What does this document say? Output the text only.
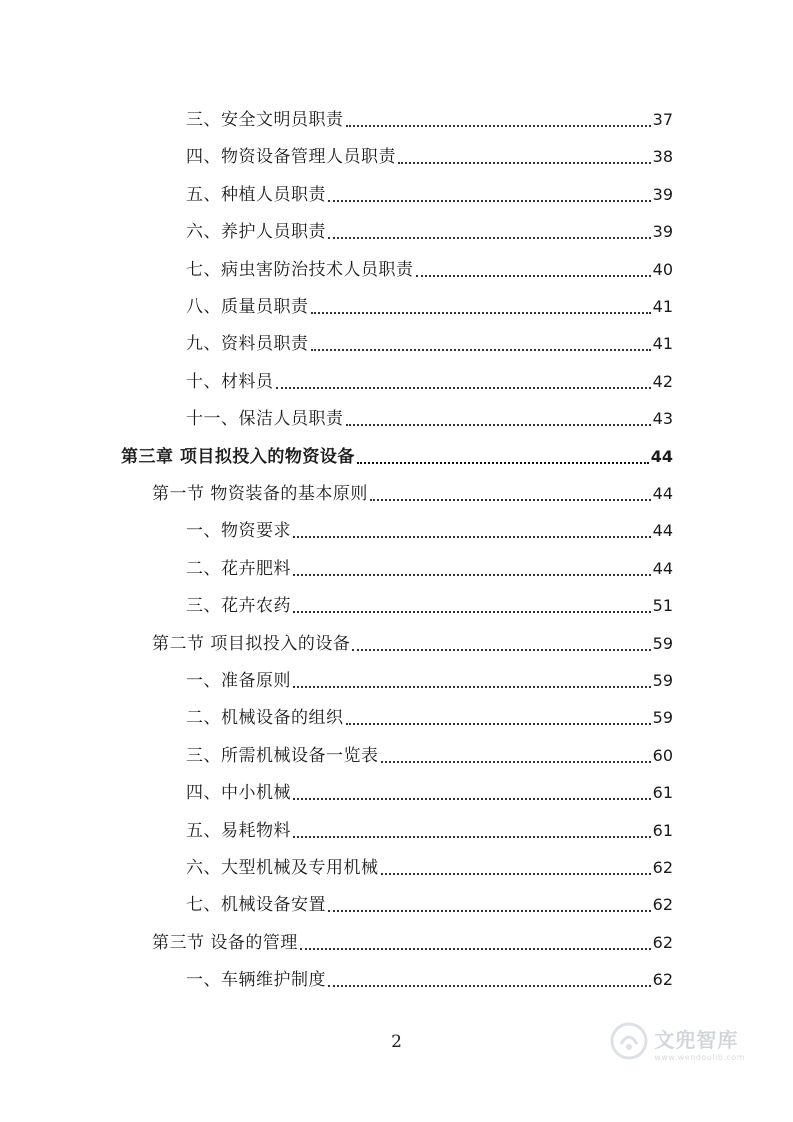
三、安全文明员职责	37
四、物资设备管理人员职责	38
五、种植人员职责	39
六、养护人员职责	39
七、病虫害防治技术人员职责	40
八、质量员职责	41
九、资料员职责	41
十、材料员	42
十一、保洁人员职责	43
第三章 项目拟投入的物资设备	44
第一节 物资装备的基本原则	44
一、物资要求	44
二、花卉肥料	44
三、花卉农药	51
第二节 项目拟投入的设备	59
一、准备原则	59
二、机械设备的组织	59
三、所需机械设备一览表	60
四、中小机械	61
五、易耗物料	61
六、大型机械及专用机械	62
七、机械设备安置	62
第三节 设备的管理	62
一、车辆维护制度	62
2	文兜智库
www.wendoulib.com
